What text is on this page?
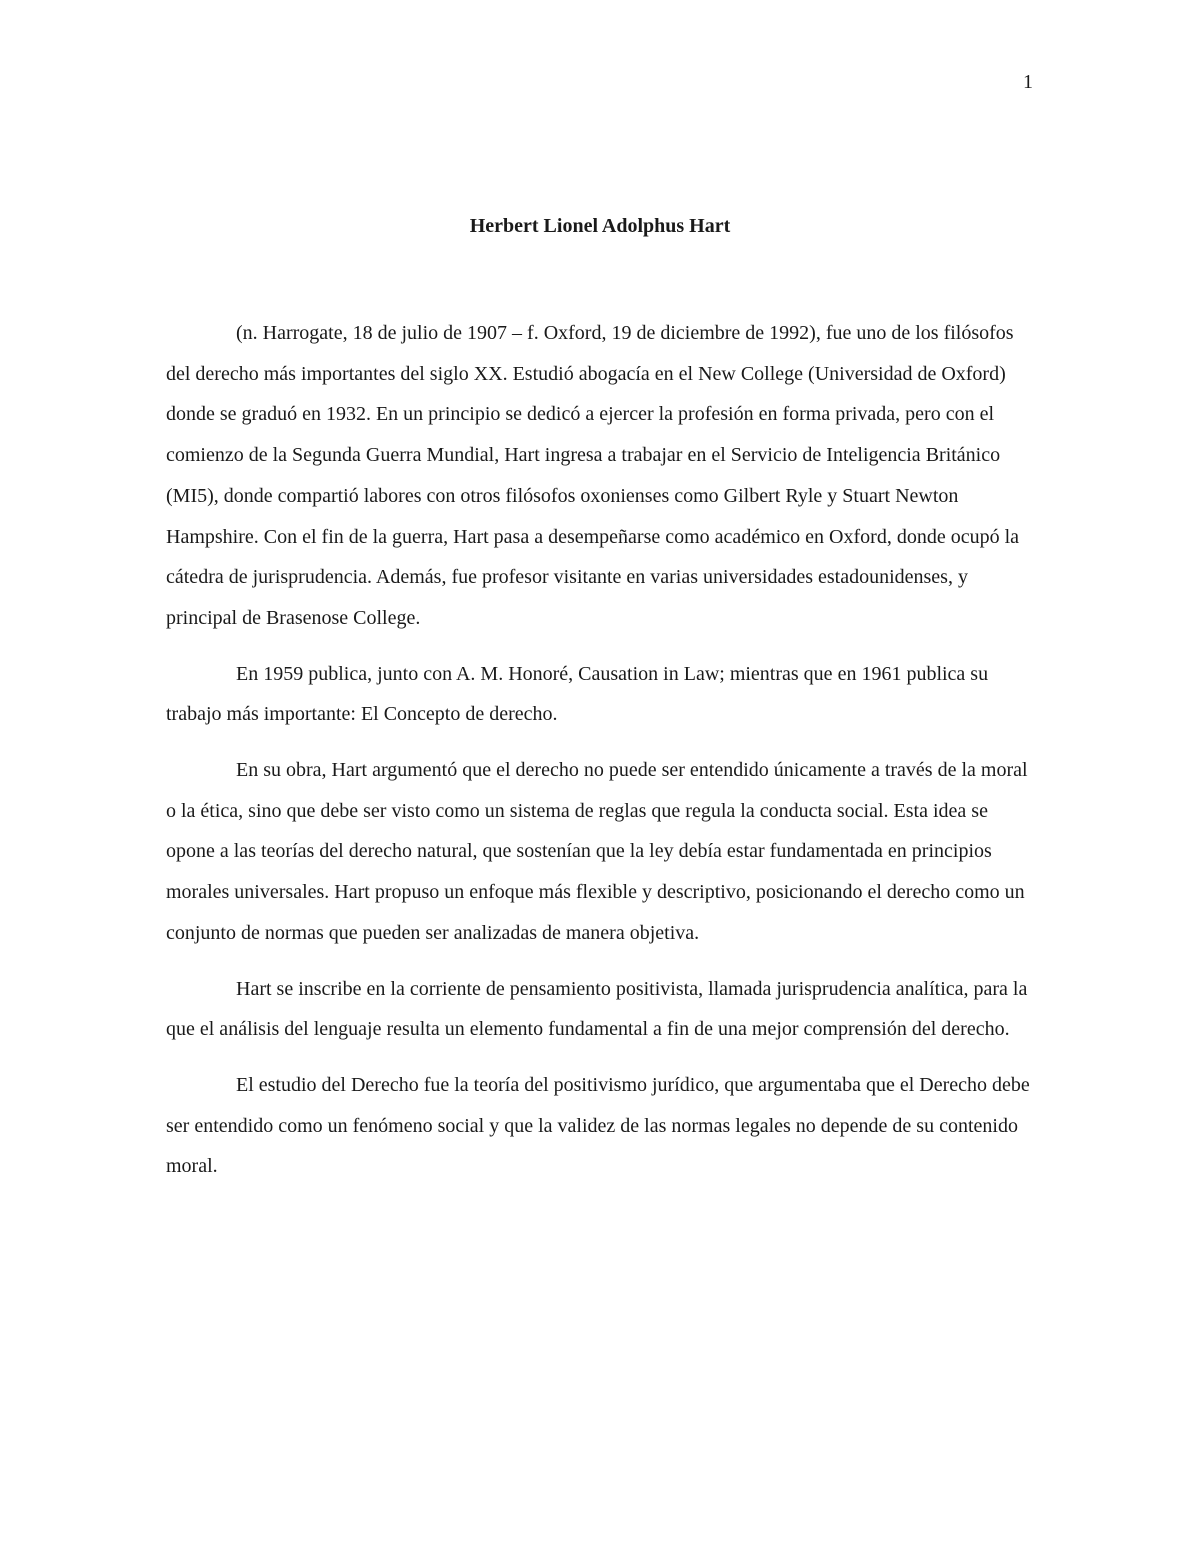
1
Herbert Lionel Adolphus Hart

(n. Harrogate, 18 de julio de 1907 – f. Oxford, 19 de diciembre de 1992), fue uno de los filósofos del derecho más importantes del siglo XX. Estudió abogacía en el New College (Universidad de Oxford) donde se graduó en 1932. En un principio se dedicó a ejercer la profesión en forma privada, pero con el comienzo de la Segunda Guerra Mundial, Hart ingresa a trabajar en el Servicio de Inteligencia Británico (MI5), donde compartió labores con otros filósofos oxonienses como Gilbert Ryle y Stuart Newton Hampshire. Con el fin de la guerra, Hart pasa a desempeñarse como académico en Oxford, donde ocupó la cátedra de jurisprudencia. Además, fue profesor visitante en varias universidades estadounidenses, y principal de Brasenose College.

En 1959 publica, junto con A. M. Honoré, Causation in Law; mientras que en 1961 publica su trabajo más importante: El Concepto de derecho.

En su obra, Hart argumentó que el derecho no puede ser entendido únicamente a través de la moral o la ética, sino que debe ser visto como un sistema de reglas que regula la conducta social. Esta idea se opone a las teorías del derecho natural, que sostenían que la ley debía estar fundamentada en principios morales universales. Hart propuso un enfoque más flexible y descriptivo, posicionando el derecho como un conjunto de normas que pueden ser analizadas de manera objetiva.

Hart se inscribe en la corriente de pensamiento positivista, llamada jurisprudencia analítica, para la que el análisis del lenguaje resulta un elemento fundamental a fin de una mejor comprensión del derecho.

El estudio del Derecho fue la teoría del positivismo jurídico, que argumentaba que el Derecho debe ser entendido como un fenómeno social y que la validez de las normas legales no depende de su contenido moral.
